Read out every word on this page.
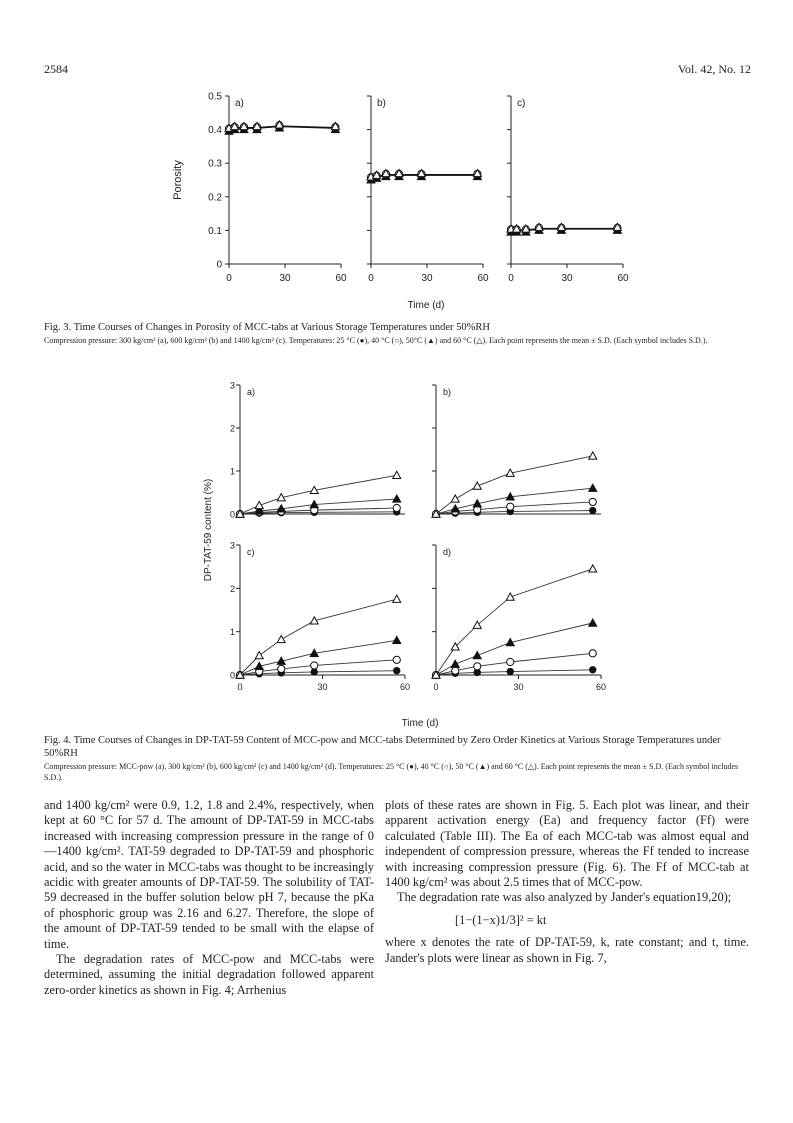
2584	Vol. 42, No. 12
Porosity
Time (d)
0
0.1
0.2
0.3
0.4
0.5
0	30	60
a)
0	30	60
b)
0	30	60
c)
Fig. 3. Time Courses of Changes in Porosity of MCC-tabs at Various Storage Temperatures under 50%RH
Compression pressure: 300 kg/cm² (a), 600 kg/cm² (b) and 1400 kg/cm² (c). Temperatures: 25 °C (●), 40 °C (○), 50°C (▲) and 60 °C (△). Each point represents the mean ± S.D. (Each symbol includes S.D.).
DP-TAT-59 content (%)
Time (d)
0
1
2
3
a)	b)
0
1
2
3
0	30	60
c)
0	30	60
d)
Fig. 4. Time Courses of Changes in DP-TAT-59 Content of MCC-pow and MCC-tabs Determined by Zero Order Kinetics at Various Storage Temperatures under 50%RH
Compression pressure: MCC-pow (a), 300 kg/cm² (b), 600 kg/cm² (c) and 1400 kg/cm² (d). Temperatures: 25 °C (●), 40 °C (○), 50 °C (▲) and 60 °C (△). Each point represents the mean ± S.D. (Each symbol includes S.D.).

and 1400 kg/cm² were 0.9, 1.2, 1.8 and 2.4%, respectively, when kept at 60 °C for 57 d. The amount of DP-TAT-59 in MCC-tabs increased with increasing compression pressure in the range of 0—1400 kg/cm². TAT-59 degraded to DP-TAT-59 and phosphoric acid, and so the water in MCC-tabs was thought to be increasingly acidic with greater amounts of DP-TAT-59. The solubility of TAT-59 decreased in the buffer solution below pH 7, because the pKa of phosphoric group was 2.16 and 6.27. Therefore, the slope of the amount of DP-TAT-59 tended to be small with the elapse of time.

The degradation rates of MCC-pow and MCC-tabs were determined, assuming the initial degradation followed apparent zero-order kinetics as shown in Fig. 4; Arrhenius

plots of these rates are shown in Fig. 5. Each plot was linear, and their apparent activation energy (Ea) and frequency factor (Ff) were calculated (Table III). The Ea of each MCC-tab was almost equal and independent of compression pressure, whereas the Ff tended to increase with increasing compression pressure (Fig. 6). The Ff of MCC-tab at 1400 kg/cm² was about 2.5 times that of MCC-pow.

The degradation rate was also analyzed by Jander's equation19,20);

[1−(1−x)1/3]² = kt

where x denotes the rate of DP-TAT-59, k, rate constant; and t, time. Jander's plots were linear as shown in Fig. 7,
